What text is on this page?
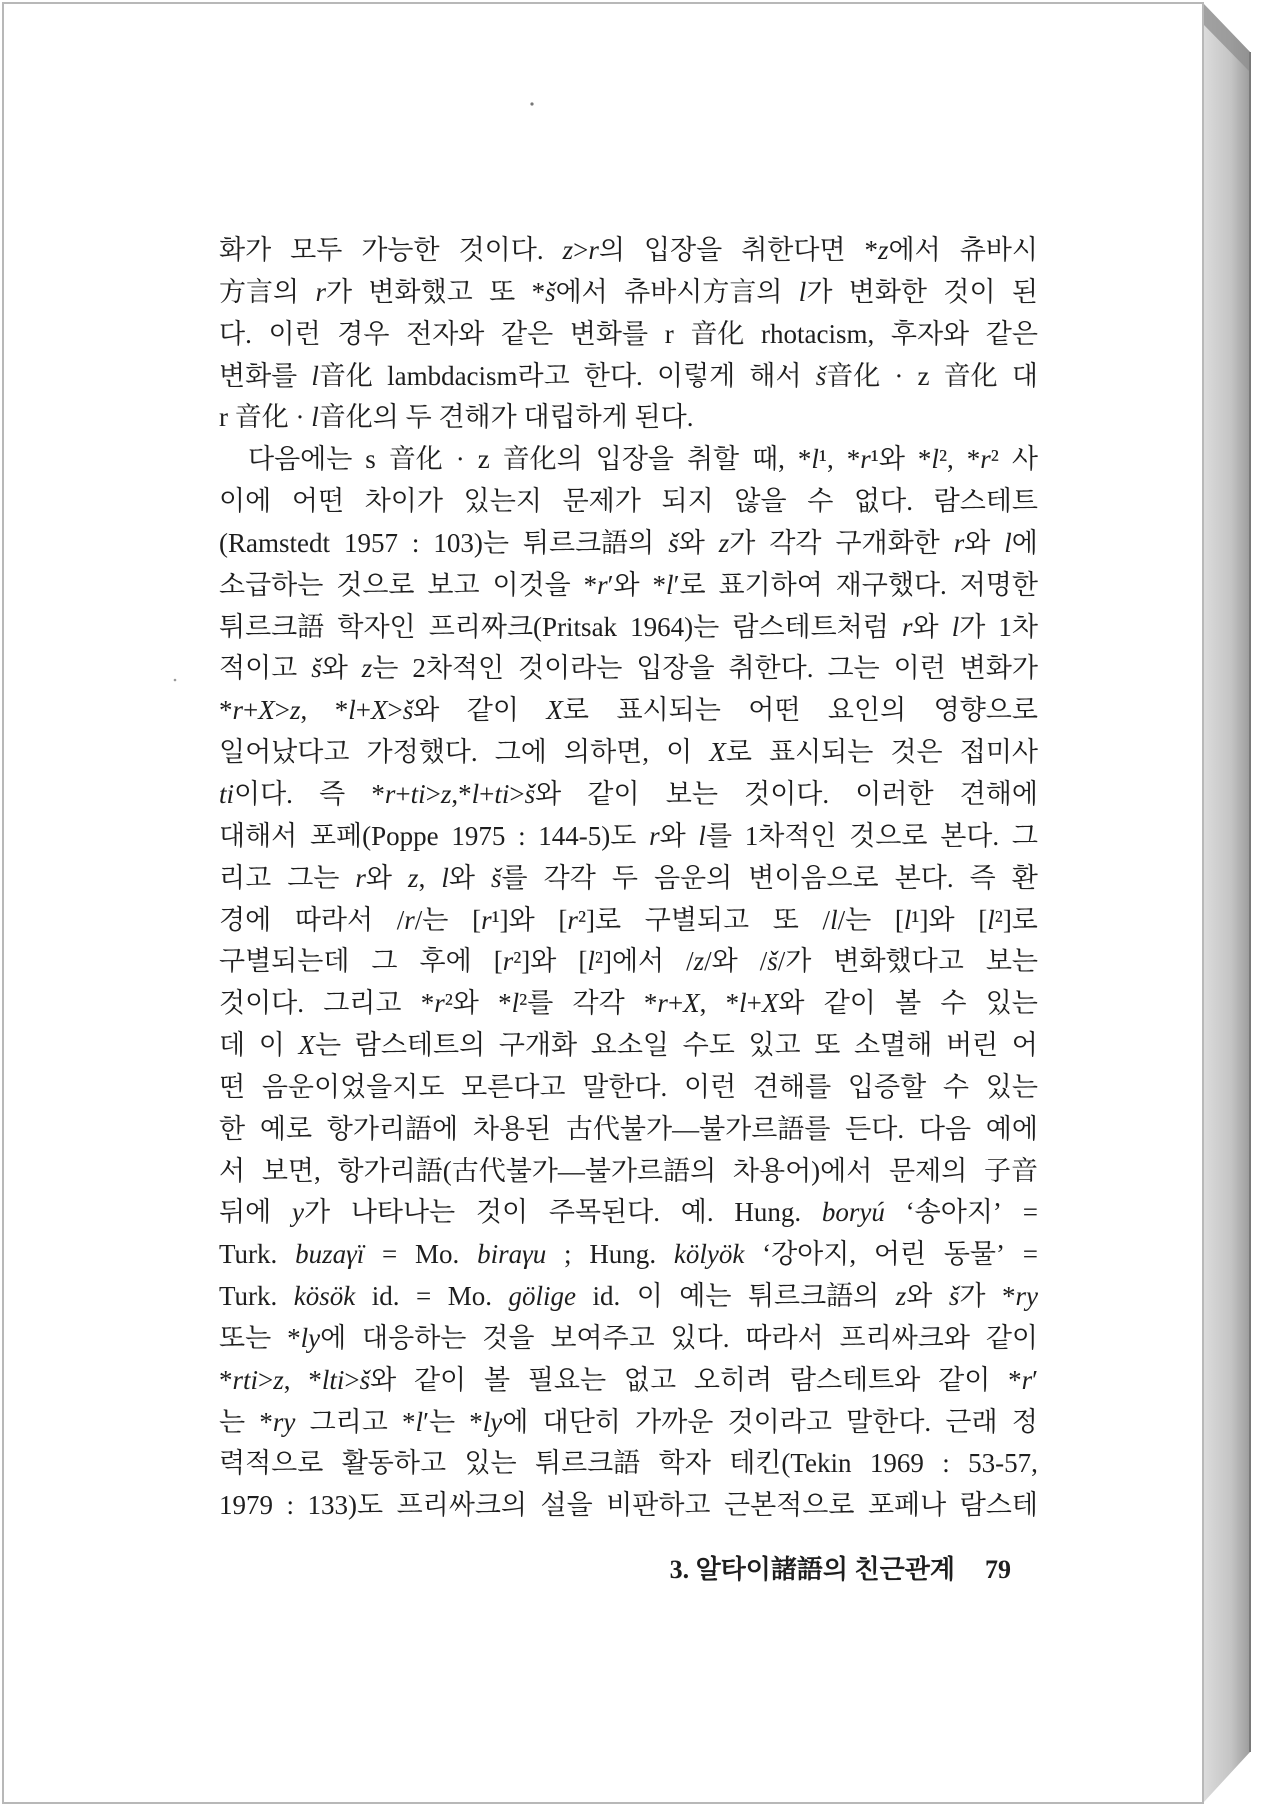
화가 모두 가능한 것이다. z>r의 입장을 취한다면 *z에서 츄바시
方言의 r가 변화했고 또 *š에서 츄바시方言의 l가 변화한 것이 된
다. 이런 경우 전자와 같은 변화를 r 音化 rhotacism, 후자와 같은
변화를 l音化 lambdacism라고 한다. 이렇게 해서 š音化 · z 音化 대
r 音化 · l音化의 두 견해가 대립하게 된다.
다음에는 s 音化 · z 音化의 입장을 취할 때, *l¹, *r¹와 *l², *r² 사
이에 어떤 차이가 있는지 문제가 되지 않을 수 없다. 람스테트
(Ramstedt 1957 : 103)는 튀르크語의 š와 z가 각각 구개화한 r와 l에
소급하는 것으로 보고 이것을 *r′와 *l′로 표기하여 재구했다. 저명한
튀르크語 학자인 프리짜크(Pritsak 1964)는 람스테트처럼 r와 l가 1차
적이고 š와 z는 2차적인 것이라는 입장을 취한다. 그는 이런 변화가
*r+X>z, *l+X>š와 같이 X로 표시되는 어떤 요인의 영향으로
일어났다고 가정했다. 그에 의하면, 이 X로 표시되는 것은 접미사
ti이다. 즉 *r+ti>z,*l+ti>š와 같이 보는 것이다. 이러한 견해에
대해서 포페(Poppe 1975 : 144-5)도 r와 l를 1차적인 것으로 본다. 그
리고 그는 r와 z, l와 š를 각각 두 음운의 변이음으로 본다. 즉 환
경에 따라서 /r/는 [r¹]와 [r²]로 구별되고 또 /l/는 [l¹]와 [l²]로
구별되는데 그 후에 [r²]와 [l²]에서 /z/와 /š/가 변화했다고 보는
것이다. 그리고 *r²와 *l²를 각각 *r+X, *l+X와 같이 볼 수 있는
데 이 X는 람스테트의 구개화 요소일 수도 있고 또 소멸해 버린 어
떤 음운이었을지도 모른다고 말한다. 이런 견해를 입증할 수 있는
한 예로 항가리語에 차용된 古代불가—불가르語를 든다. 다음 예에
서 보면, 항가리語(古代불가—불가르語의 차용어)에서 문제의 子音
뒤에 y가 나타나는 것이 주목된다. 예. Hung. boryú ‘송아지’ =
Turk. buzaγï = Mo. biraγu ; Hung. kölyök ‘강아지, 어린 동물’ =
Turk. kösök id. = Mo. gölige id. 이 예는 튀르크語의 z와 š가 *ry
또는 *ly에 대응하는 것을 보여주고 있다. 따라서 프리싸크와 같이
*rti>z, *lti>š와 같이 볼 필요는 없고 오히려 람스테트와 같이 *r′
는 *ry 그리고 *l′는 *ly에 대단히 가까운 것이라고 말한다. 근래 정
력적으로 활동하고 있는 튀르크語 학자 테킨(Tekin 1969 : 53-57,
1979 : 133)도 프리싸크의 설을 비판하고 근본적으로 포페나 람스테
3. 알타이諸語의 친근관계 79
